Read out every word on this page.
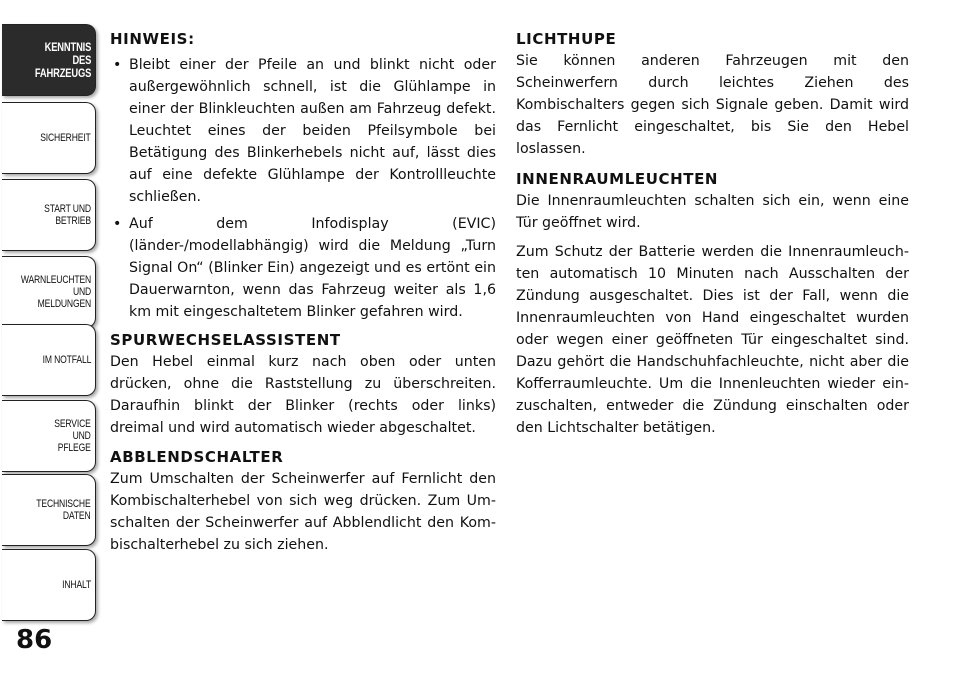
KENNTNIS
DES
FAHRZEUGS
SICHERHEIT
START UND
BETRIEB
WARNLEUCHTEN
UND
MELDUNGEN
IM NOTFALL
SERVICE
UND
PFLEGE
TECHNISCHE
DATEN
INHALT
86
HINWEIS:
• Bleibt einer der Pfeile an und blinkt nicht oder außergewöhnlich schnell, ist die Glühlampe in einer der Blinkleuchten außen am Fahrzeug defekt. Leuchtet eines der beiden Pfeilsymbole bei Betätigung des Blinkerhebels nicht auf, lässt dies auf eine defekte Glühlampe der Kontrollleuchte schließen.
• Auf dem Infodisplay (EVIC) (länder-/modellabhängig) wird die Meldung „Turn Signal On“ (Blinker Ein) angezeigt und es ertönt ein Dauerwarnton, wenn das Fahrzeug weiter als 1,6 km mit eingeschaltetem Blinker gefahren wird.
SPURWECHSELASSISTENT

Den Hebel einmal kurz nach oben oder unten drücken, ohne die Raststellung zu überschreiten. Daraufhin blinkt der Blinker (rechts oder links) dreimal und wird automatisch wieder abgeschaltet.

ABBLENDSCHALTER

Zum Umschalten der Scheinwerfer auf Fernlicht den Kombischalterhebel von sich weg drücken. Zum Umschalten der Scheinwerfer auf Abblendlicht den Kombischalterhebel zu sich ziehen.

LICHTHUPE

Sie können anderen Fahrzeugen mit den Scheinwerfern durch leichtes Ziehen des Kombischalters gegen sich Signale geben. Damit wird das Fernlicht eingeschaltet, bis Sie den Hebel loslassen.

INNENRAUMLEUCHTEN

Die Innenraumleuchten schalten sich ein, wenn eine Tür geöffnet wird.

Zum Schutz der Batterie werden die Innenraumleuchten automatisch 10 Minuten nach Ausschalten der Zündung ausgeschaltet. Dies ist der Fall, wenn die Innenraumleuchten von Hand eingeschaltet wurden oder wegen einer geöffneten Tür eingeschaltet sind. Dazu gehört die Handschuhfachleuchte, nicht aber die Kofferraumleuchte. Um die Innenleuchten wieder einzuschalten, entweder die Zündung einschalten oder den Lichtschalter betätigen.
